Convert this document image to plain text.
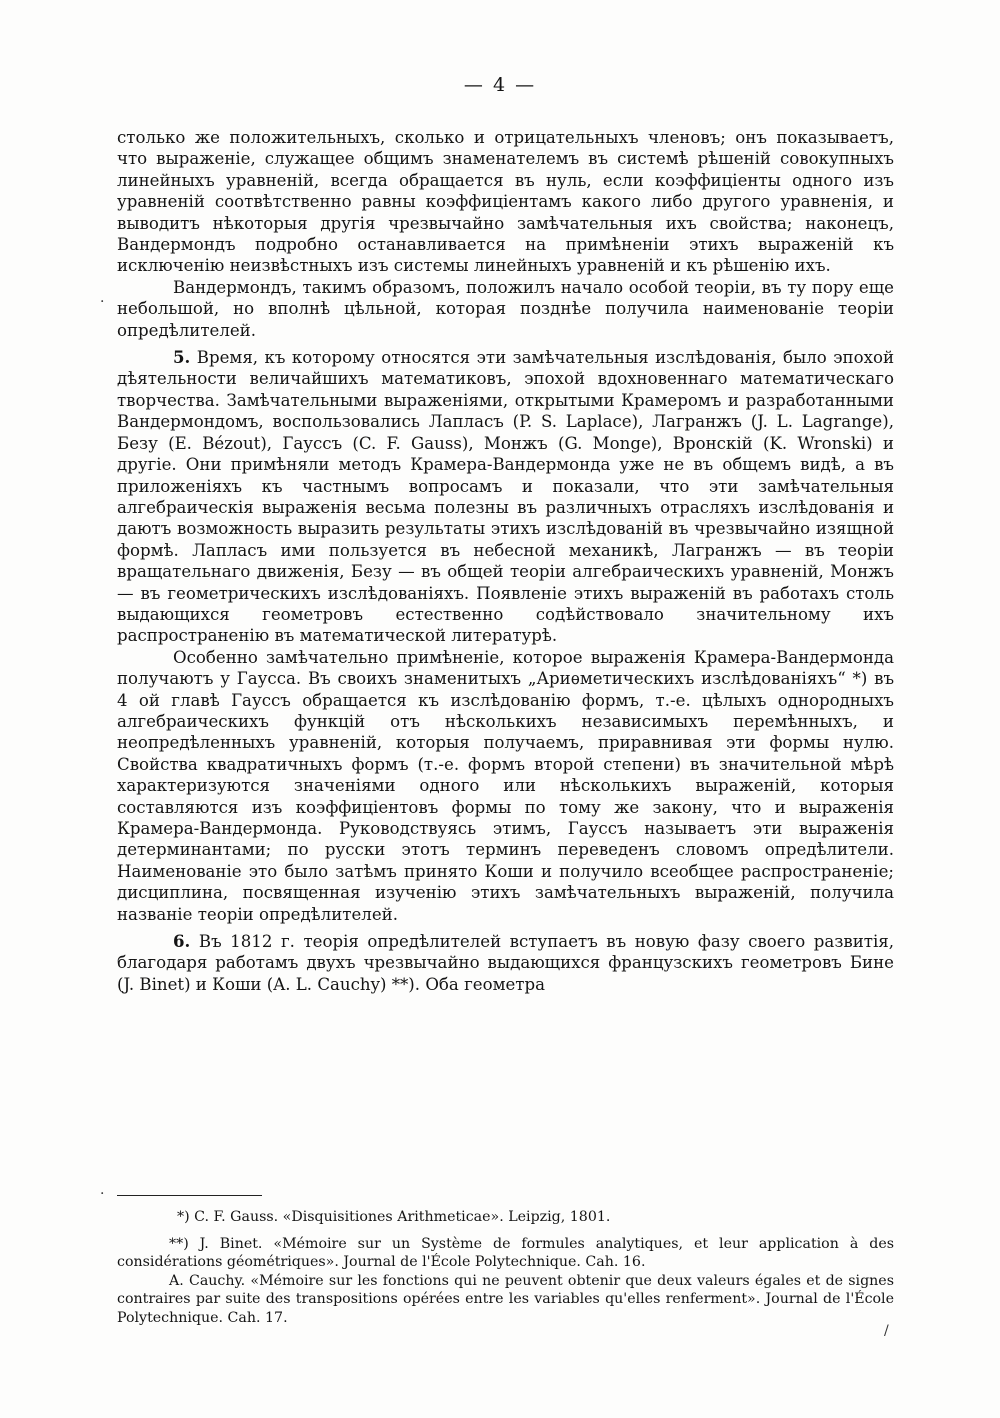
— 4 —

столько же положительныхъ, сколько и отрицательныхъ членовъ; онъ показываетъ, что выраженіе, служащее общимъ знаменателемъ въ системѣ рѣшеній совокупныхъ линейныхъ уравненій, всегда обращается въ нуль, если коэффиціенты одного изъ уравненій соотвѣтственно равны коэффиціентамъ какого либо другого уравненія, и выводитъ нѣкоторыя другія чрезвычайно замѣчательныя ихъ свойства; наконецъ, Вандермондъ подробно останавливается на примѣненіи этихъ выраженій къ исключенію неизвѣстныхъ изъ системы линейныхъ уравненій и къ рѣшенію ихъ.

Вандермондъ, такимъ образомъ, положилъ начало особой теоріи, въ ту пору еще небольшой, но вполнѣ цѣльной, которая позднѣе получила наименованіе теоріи опредѣлителей.

5. Время, къ которому относятся эти замѣчательныя изслѣдованія, было эпохой дѣятельности величайшихъ математиковъ, эпохой вдохновеннаго математическаго творчества. Замѣчательными выраженіями, открытыми Крамеромъ и разработанными Вандермондомъ, воспользовались Лапласъ (P. S. Laplace), Лагранжъ (J. L. Lagrange), Безу (E. Bézout), Гауссъ (C. F. Gauss), Монжъ (G. Monge), Вронскій (K. Wronski) и другіе. Они примѣняли методъ Крамера-Вандермонда уже не въ общемъ видѣ, а въ приложеніяхъ къ частнымъ вопросамъ и показали, что эти замѣчательныя алгебраическія выраженія весьма полезны въ различныхъ отрасляхъ изслѣдованія и даютъ возможность выразить результаты этихъ изслѣдованій въ чрезвычайно изящной формѣ. Лапласъ ими пользуется въ небесной механикѣ, Лагранжъ — въ теоріи вращательнаго движенія, Безу — въ общей теоріи алгебраическихъ уравненій, Монжъ — въ геометрическихъ изслѣдованіяхъ. Появленіе этихъ выраженій въ работахъ столь выдающихся геометровъ естественно содѣйствовало значительному ихъ распространенію въ математической литературѣ.

Особенно замѣчательно примѣненіе, которое выраженія Крамера-Вандермонда получаютъ у Гаусса. Въ своихъ знаменитыхъ „Ариѳметическихъ изслѣдованіяхъ“ *) въ 4 ой главѣ Гауссъ обращается къ изслѣдованію формъ, т.-е. цѣлыхъ однородныхъ алгебраическихъ функцій отъ нѣсколькихъ независимыхъ перемѣнныхъ, и неопредѣленныхъ уравненій, которыя получаемъ, приравнивая эти формы нулю. Свойства квадратичныхъ формъ (т.-е. формъ второй степени) въ значительной мѣрѣ характеризуются значеніями одного или нѣсколькихъ выраженій, которыя составляются изъ коэффиціентовъ формы по тому же закону, что и выраженія Крамера-Вандермонда. Руководствуясь этимъ, Гауссъ называетъ эти выраженія детерминантами; по русски этотъ терминъ переведенъ словомъ опредѣлители. Наименованіе это было затѣмъ принято Коши и получило всеобщее распространеніе; дисциплина, посвященная изученію этихъ замѣчательныхъ выраженій, получила названіе теоріи опредѣлителей.

6. Въ 1812 г. теорія опредѣлителей вступаетъ въ новую фазу своего развитія, благодаря работамъ двухъ чрезвычайно выдающихся французскихъ геометровъ Бине (J. Binet) и Коши (A. L. Cauchy) **). Оба геометра

*) C. F. Gauss. «Disquisitiones Arithmeticae». Leipzig, 1801.

**) J. Binet. «Mémoire sur un Système de formules analytiques, et leur application à des considérations géométriques». Journal de l'École Polytechnique. Cah. 16.

A. Cauchy. «Mémoire sur les fonctions qui ne peuvent obtenir que deux valeurs égales et de signes contraires par suite des transpositions opérées entre les variables qu'elles renferment». Journal de l'École Polytechnique. Cah. 17.

·
·
/
